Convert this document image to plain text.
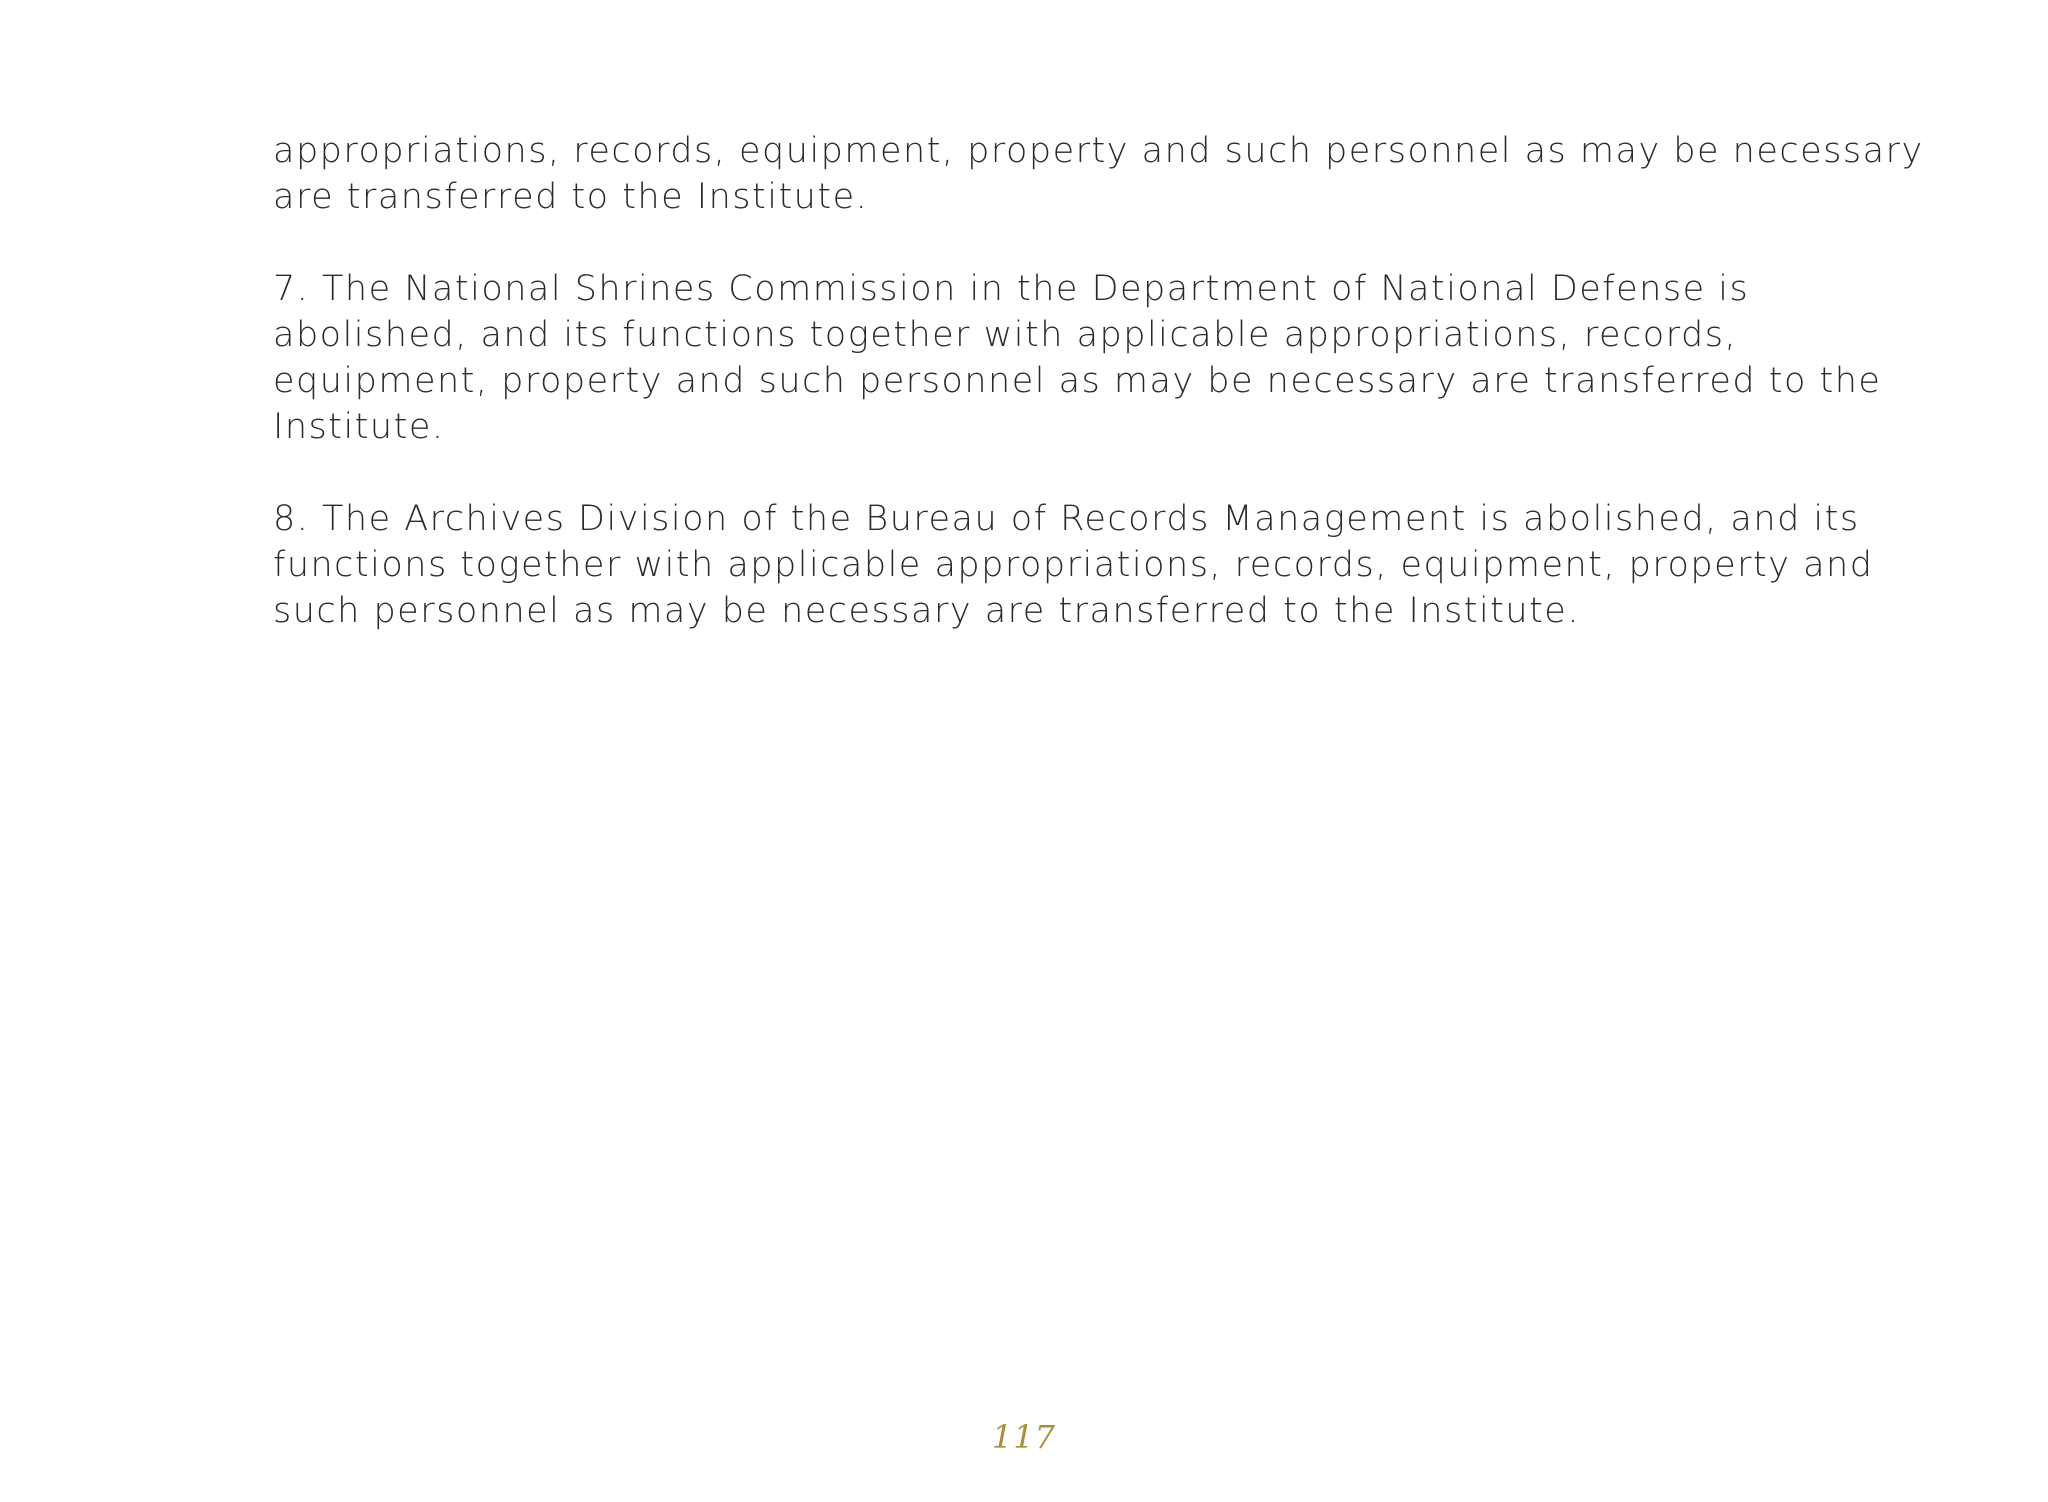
appropriations, records, equipment, property and such personnel as may be necessary
are transferred to the Institute.

7. The National Shrines Commission in the Department of National Defense is
abolished, and its functions together with applicable appropriations, records,
equipment, property and such personnel as may be necessary are transferred to the
Institute.

8. The Archives Division of the Bureau of Records Management is abolished, and its
functions together with applicable appropriations, records, equipment, property and
such personnel as may be necessary are transferred to the Institute.

117
